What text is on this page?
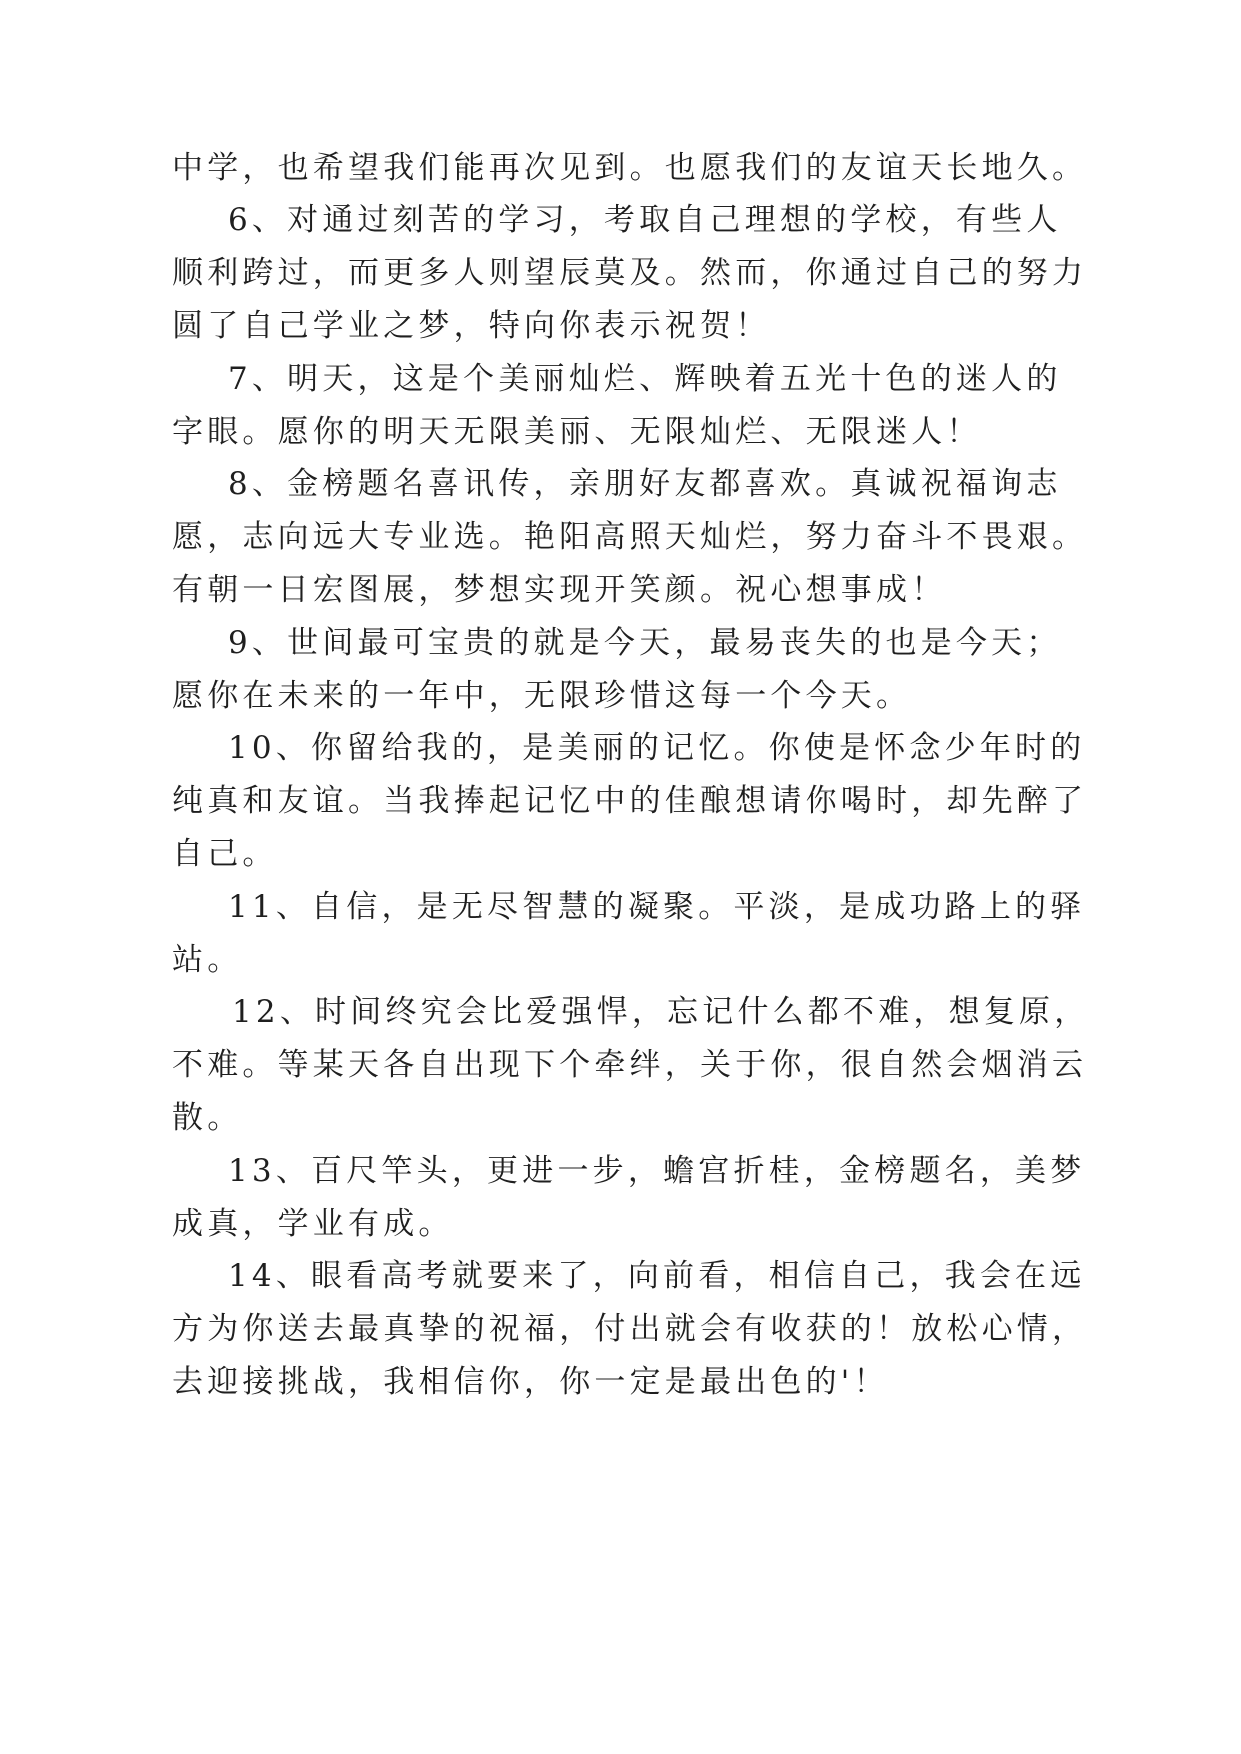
中学，也希望我们能再次见到。也愿我们的友谊天长地久。
6、对通过刻苦的学习，考取自己理想的学校，有些人
顺利跨过，而更多人则望辰莫及。然而，你通过自己的努力
圆了自己学业之梦，特向你表示祝贺！
7、明天，这是个美丽灿烂、辉映着五光十色的迷人的
字眼。愿你的明天无限美丽、无限灿烂、无限迷人！
8、金榜题名喜讯传，亲朋好友都喜欢。真诚祝福询志
愿，志向远大专业选。艳阳高照天灿烂，努力奋斗不畏艰。
有朝一日宏图展，梦想实现开笑颜。祝心想事成！
9、世间最可宝贵的就是今天，最易丧失的也是今天；
愿你在未来的一年中，无限珍惜这每一个今天。
10、你留给我的，是美丽的记忆。你使是怀念少年时的
纯真和友谊。当我捧起记忆中的佳酿想请你喝时，却先醉了
自己。
11、自信，是无尽智慧的凝聚。平淡，是成功路上的驿
站。
12、时间终究会比爱强悍，忘记什么都不难，想复原，
不难。等某天各自出现下个牵绊，关于你，很自然会烟消云
散。
13、百尺竿头，更进一步，蟾宫折桂，金榜题名，美梦
成真，学业有成。
14、眼看高考就要来了，向前看，相信自己，我会在远
方为你送去最真挚的祝福，付出就会有收获的！放松心情，
去迎接挑战，我相信你，你一定是最出色的'！
